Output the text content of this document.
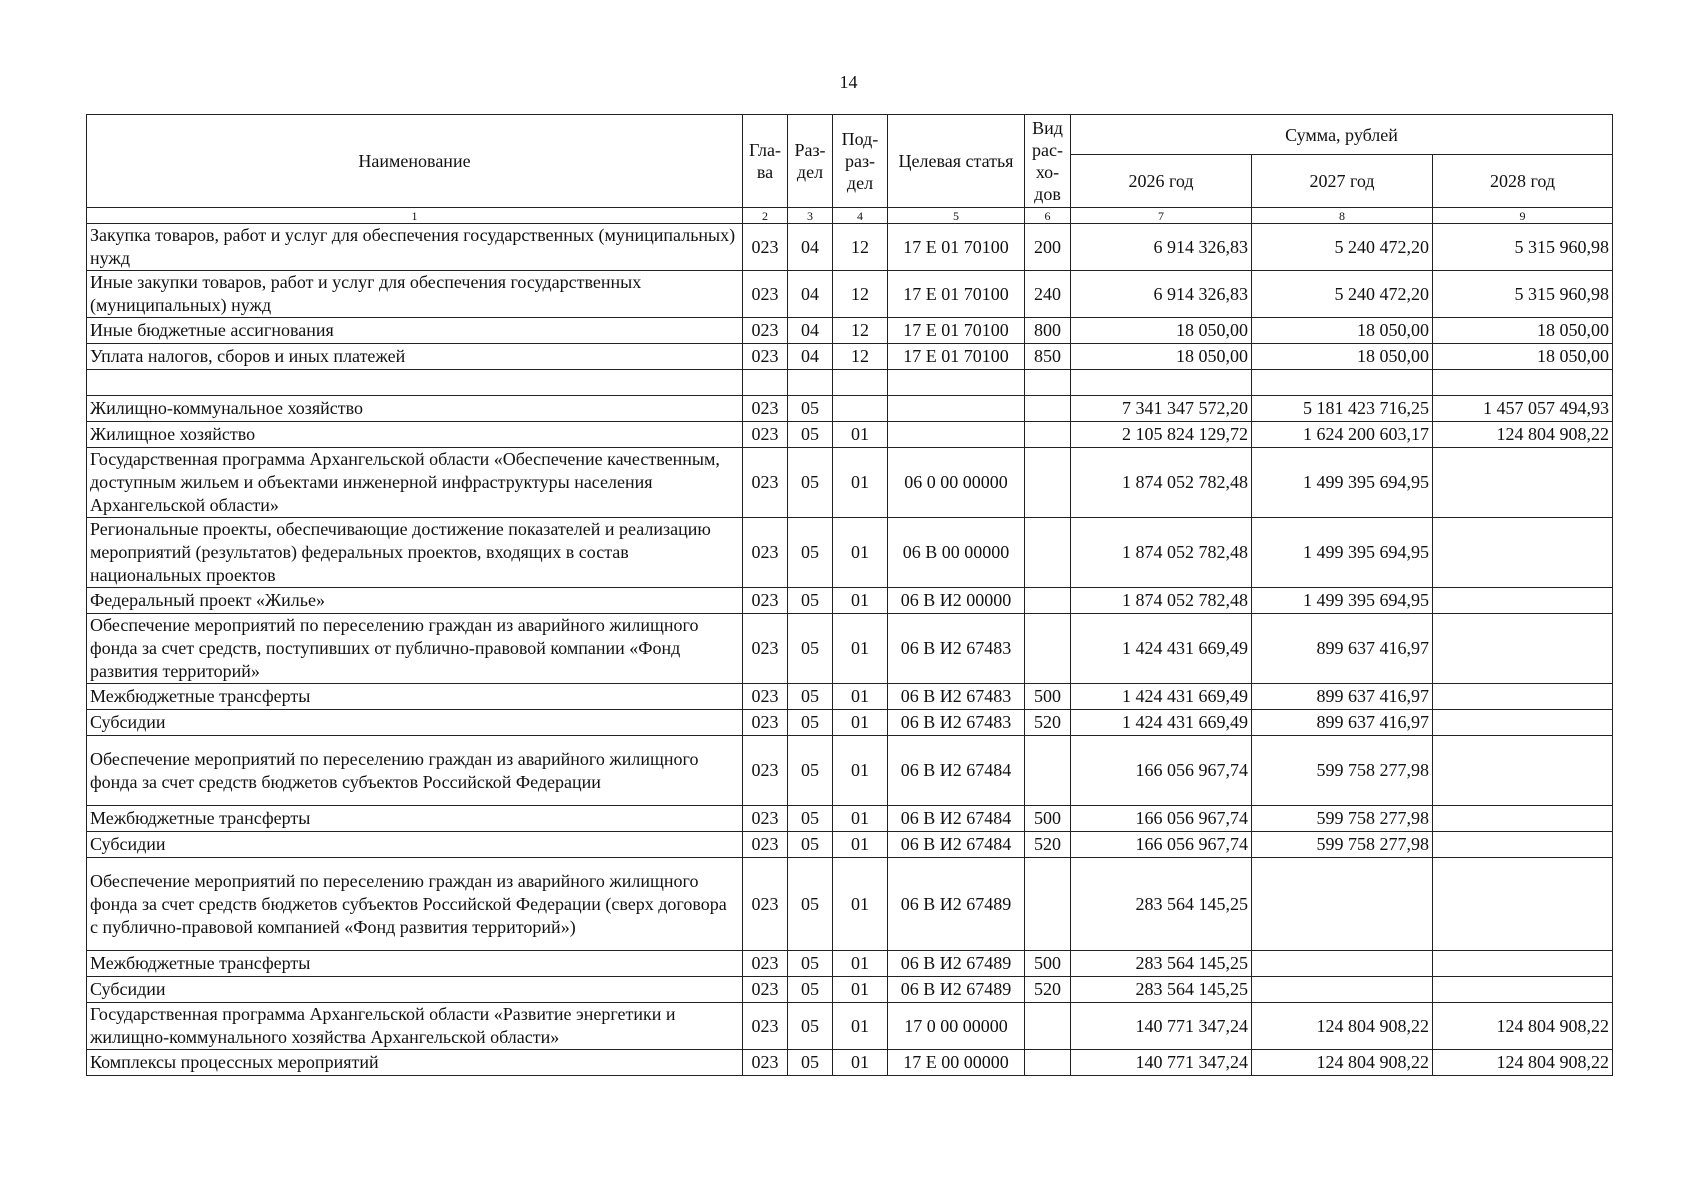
14
Наименование	Гла-ва	Раз-дел	Под-раз-дел	Целевая статья	Вид рас-хо-дов	Сумма, рублей		
						2026 год	2027 год	2028 год
1	2	3	4	5	6	7	8	9
Закупка товаров, работ и услуг для обеспечения государственных (муниципальных) нужд	023	04	12	17 Е 01 70100	200	6 914 326,83	5 240 472,20	5 315 960,98
Иные закупки товаров, работ и услуг для обеспечения государственных (муниципальных) нужд	023	04	12	17 Е 01 70100	240	6 914 326,83	5 240 472,20	5 315 960,98
Иные бюджетные ассигнования	023	04	12	17 Е 01 70100	800	18 050,00	18 050,00	18 050,00
Уплата налогов, сборов и иных платежей	023	04	12	17 Е 01 70100	850	18 050,00	18 050,00	18 050,00

Жилищно-коммунальное хозяйство	023	05				7 341 347 572,20	5 181 423 716,25	1 457 057 494,93
Жилищное хозяйство	023	05	01			2 105 824 129,72	1 624 200 603,17	124 804 908,22
Государственная программа Архангельской области «Обеспечение качественным, доступным жильем и объектами инженерной инфраструктуры населения Архангельской области»	023	05	01	06 0 00 00000		1 874 052 782,48	1 499 395 694,95	
Региональные проекты, обеспечивающие достижение показателей и реализацию мероприятий (результатов) федеральных проектов, входящих в состав национальных проектов	023	05	01	06 В 00 00000		1 874 052 782,48	1 499 395 694,95	
Федеральный проект «Жилье»	023	05	01	06 В И2 00000		1 874 052 782,48	1 499 395 694,95	
Обеспечение мероприятий по переселению граждан из аварийного жилищного фонда за счет средств, поступивших от публично-правовой компании «Фонд развития территорий»	023	05	01	06 В И2 67483		1 424 431 669,49	899 637 416,97	
Межбюджетные трансферты	023	05	01	06 В И2 67483	500	1 424 431 669,49	899 637 416,97	
Субсидии	023	05	01	06 В И2 67483	520	1 424 431 669,49	899 637 416,97	
Обеспечение мероприятий по переселению граждан из аварийного жилищного фонда за счет средств бюджетов субъектов Российской Федерации	023	05	01	06 В И2 67484		166 056 967,74	599 758 277,98	
Межбюджетные трансферты	023	05	01	06 В И2 67484	500	166 056 967,74	599 758 277,98	
Субсидии	023	05	01	06 В И2 67484	520	166 056 967,74	599 758 277,98	
Обеспечение мероприятий по переселению граждан из аварийного жилищного фонда за счет средств бюджетов субъектов Российской Федерации (сверх договора с публично-правовой компанией «Фонд развития территорий»)	023	05	01	06 В И2 67489		283 564 145,25		
Межбюджетные трансферты	023	05	01	06 В И2 67489	500	283 564 145,25		
Субсидии	023	05	01	06 В И2 67489	520	283 564 145,25		
Государственная программа Архангельской области «Развитие энергетики и жилищно-коммунального хозяйства Архангельской области»	023	05	01	17 0 00 00000		140 771 347,24	124 804 908,22	124 804 908,22
Комплексы процессных мероприятий	023	05	01	17 Е 00 00000		140 771 347,24	124 804 908,22	124 804 908,22
